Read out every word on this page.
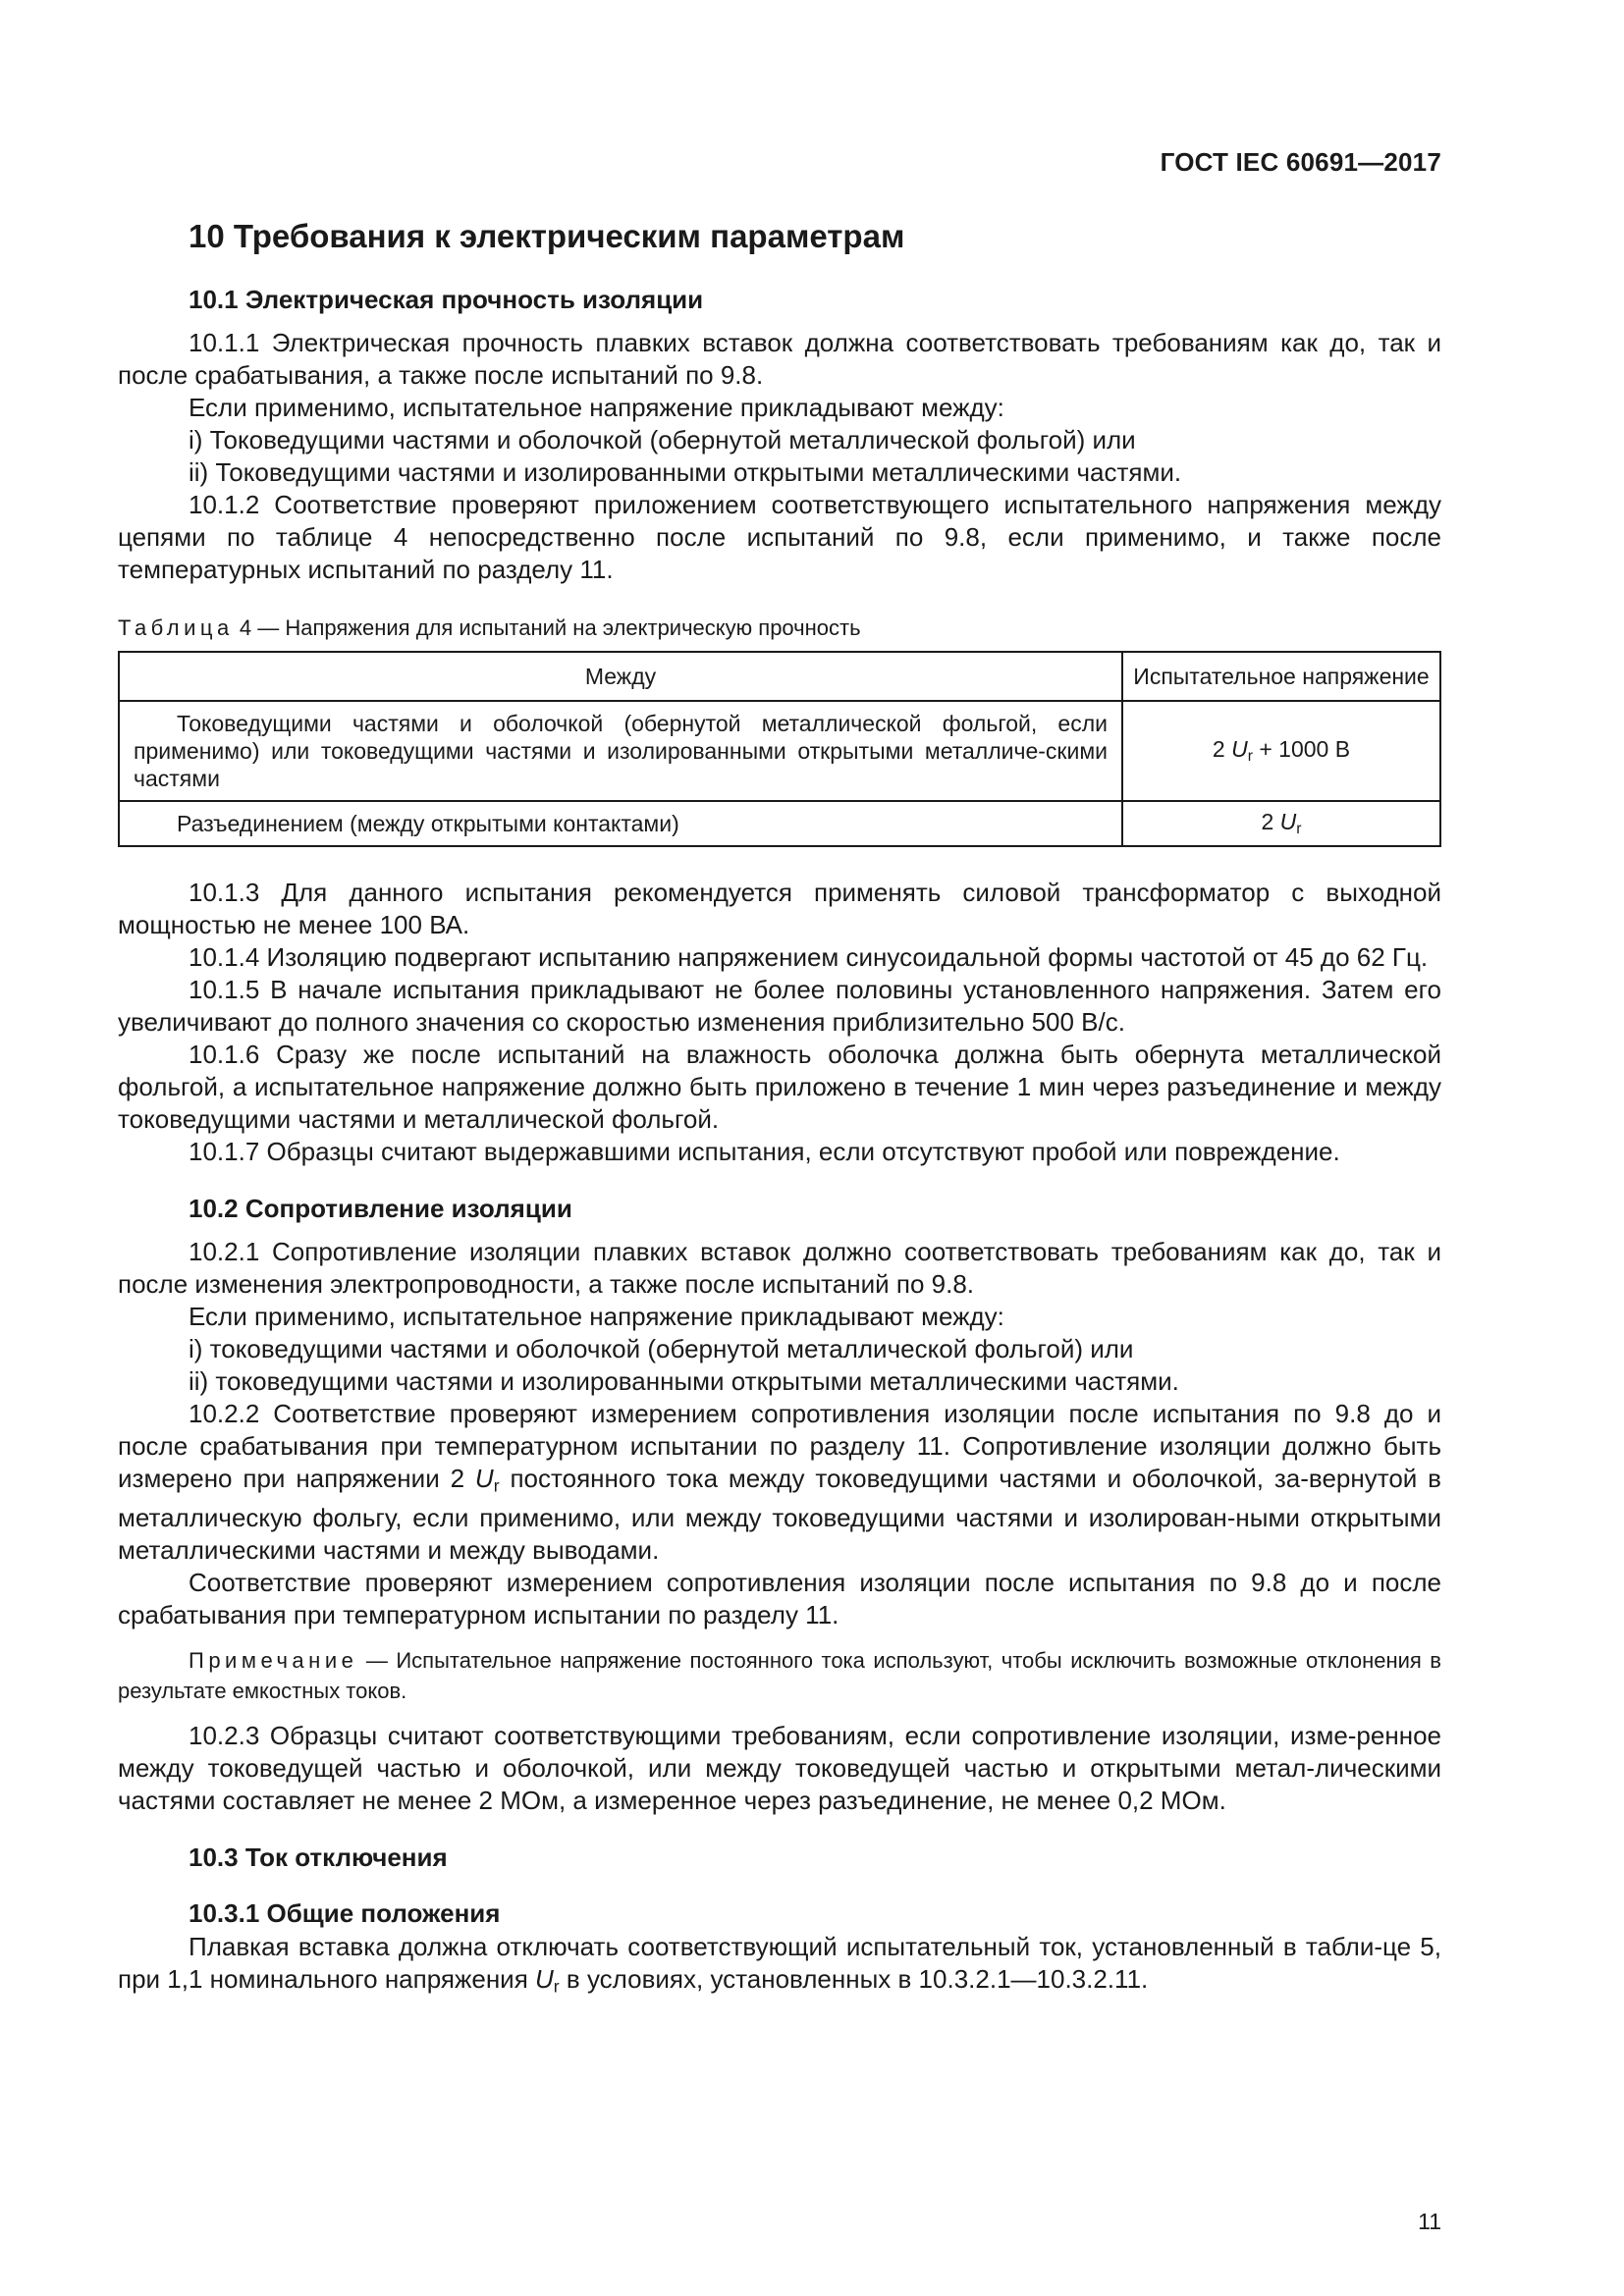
ГОСТ IEC 60691—2017
10 Требования к электрическим параметрам
10.1 Электрическая прочность изоляции

10.1.1 Электрическая прочность плавких вставок должна соответствовать требованиям как до, так и после срабатывания, а также после испытаний по 9.8.

Если применимо, испытательное напряжение прикладывают между:

i) Токоведущими частями и оболочкой (обернутой металлической фольгой) или

ii) Токоведущими частями и изолированными открытыми металлическими частями.

10.1.2 Соответствие проверяют приложением соответствующего испытательного напряжения между цепями по таблице 4 непосредственно после испытаний по 9.8, если применимо, и также после температурных испытаний по разделу 11.

Таблица 4 — Напряжения для испытаний на электрическую прочность
Между	Испытательное напряжение
Токоведущими частями и оболочкой (обернутой металлической фольгой, если применимо) или токоведущими частями и изолированными открытыми металличе-скими частями	2 $U_r + 1000$ В
Разъединением (между открытыми контактами)	2 $U_r$

10.1.3 Для данного испытания рекомендуется применять силовой трансформатор с выходной мощностью не менее 100 ВА.

10.1.4 Изоляцию подвергают испытанию напряжением синусоидальной формы частотой от 45 до 62 Гц.

10.1.5 В начале испытания прикладывают не более половины установленного напряжения. Затем его увеличивают до полного значения со скоростью изменения приблизительно 500 В/с.

10.1.6 Сразу же после испытаний на влажность оболочка должна быть обернута металлической фольгой, а испытательное напряжение должно быть приложено в течение 1 мин через разъединение и между токоведущими частями и металлической фольгой.

10.1.7 Образцы считают выдержавшими испытания, если отсутствуют пробой или повреждение.

10.2 Сопротивление изоляции

10.2.1 Сопротивление изоляции плавких вставок должно соответствовать требованиям как до, так и после изменения электропроводности, а также после испытаний по 9.8.

Если применимо, испытательное напряжение прикладывают между:

i) токоведущими частями и оболочкой (обернутой металлической фольгой) или

ii) токоведущими частями и изолированными открытыми металлическими частями.

10.2.2 Соответствие проверяют измерением сопротивления изоляции после испытания по 9.8 до и после срабатывания при температурном испытании по разделу 11. Сопротивление изоляции должно быть измерено при напряжении 2 $U_r$ постоянного тока между токоведущими частями и оболочкой, за-вернутой в металлическую фольгу, если применимо, или между токоведущими частями и изолирован-ными открытыми металлическими частями и между выводами.

Соответствие проверяют измерением сопротивления изоляции после испытания по 9.8 до и после срабатывания при температурном испытании по разделу 11.

Примечание — Испытательное напряжение постоянного тока используют, чтобы исключить возможные отклонения в результате емкостных токов.

10.2.3 Образцы считают соответствующими требованиям, если сопротивление изоляции, изме-ренное между токоведущей частью и оболочкой, или между токоведущей частью и открытыми метал-лическими частями составляет не менее 2 МОм, а измеренное через разъединение, не менее 0,2 МОм.

10.3 Ток отключения
10.3.1 Общие положения

Плавкая вставка должна отключать соответствующий испытательный ток, установленный в табли-це 5, при 1,1 номинального напряжения $U_r$ в условиях, установленных в 10.3.2.1—10.3.2.11.

11
